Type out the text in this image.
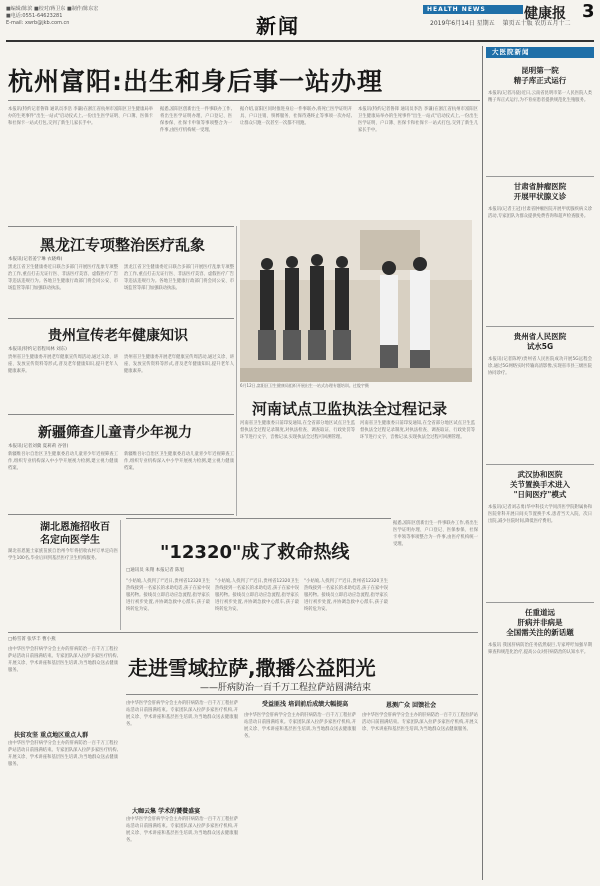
■编辑/陈滨 ■校对/蒋卫东 ■制作/陈东宏
■电话:0551-64623281
E-mail: xwrb@jkb.com.cn	新闻
HEALTH NEWS	健康报 3
2019年6月14日 星期五 第页五十版 农历五月十二
杭州富阳:出生和身后事一站办理
本报讯(特约记者鲁锋 通讯员李浩 李谦)在浙江省杭州市富阳区卫生健康局举办的生死事件"出生一站式"启动仪式上,一份出生医学证明、户口簿、医保卡和社保卡一站式打包,交到了新生儿家长手中。
据悉,富阳区创新出生一件事联办工作,将出生医学证明办理、户口登记、医保参保、社保卡申领等事项整合为一件事,由医疗机构统一受理。
据介绍,富阳区同时推进身后一件事联办,将死亡医学证明开具、户口注销、殡葬服务、社保待遇终止等事项一次办结,让群众只跑一次甚至一次都不用跑。
本报讯(特约记者鲁锋 通讯员李浩 李谦)在浙江省杭州市富阳区卫生健康局举办的生死事件"出生一站式"启动仪式上,一份出生医学证明、户口簿、医保卡和社保卡一站式打包,交到了新生儿家长手中。
6月12日,富阳区卫生健康局组织开展出生一站式办理专题培训。过俊宇摄
黑龙江专项整治医疗乱象
本报讯(记者姜宁琳 衣晓峰)
黑龙江省卫生健康委近日联合多部门开展医疗乱象专项整治工作,重点打击无证行医、非法医疗美容、虚假医疗广告等违法违规行为。各地卫生健康行政部门将会同公安、市场监管等部门加强联动执法。
黑龙江省卫生健康委近日联合多部门开展医疗乱象专项整治工作,重点打击无证行医、非法医疗美容、虚假医疗广告等违法违规行为。各地卫生健康行政部门将会同公安、市场监管等部门加强联动执法。
贵州宣传老年健康知识
本报讯(特约记者程凤林 刘东)
贵州省卫生健康委开展老年健康宣传周活动,通过义诊、讲座、发放宣传资料等形式,普及老年健康知识,提升老年人健康素养。
贵州省卫生健康委开展老年健康宣传周活动,通过义诊、讲座、发放宣传资料等形式,普及老年健康知识,提升老年人健康素养。
新疆筛查儿童青少年视力
本报讯(记者刘冀 夏莉莉 谷曾)
新疆维吾尔自治区卫生健康委启动儿童青少年近视筛查工作,组织专业机构深入中小学开展视力检测,建立视力健康档案。
新疆维吾尔自治区卫生健康委启动儿童青少年近视筛查工作,组织专业机构深入中小学开展视力检测,建立视力健康档案。
湖北恩施招收百名定向医学生
湖北省恩施土家族苗族自治州今年将招收农村订单定向医学生100名,毕业后回到基层医疗卫生机构服务。
河南试点卫监执法全过程记录
河南省卫生健康委日前印发通知,在全省部分地区试点卫生监督执法全过程记录制度,对执法检查、调查取证、行政处罚等环节进行文字、音像记录,实现执法全过程可回溯管理。
河南省卫生健康委日前印发通知,在全省部分地区试点卫生监督执法全过程记录制度,对执法检查、调查取证、行政处罚等环节进行文字、音像记录,实现执法全过程可回溯管理。
"12320"成了救命热线
□通讯员 朱翔 本报记者 陈旭
"小姑娘,人找到了!"近日,贵州省12320卫生热线接到一名家长的求助电话,孩子在家中误服药物。接线员立即启动应急流程,指导家长进行初步处置,并协调急救中心派车,孩子最终转危为安。
"小姑娘,人找到了!"近日,贵州省12320卫生热线接到一名家长的求助电话,孩子在家中误服药物。接线员立即启动应急流程,指导家长进行初步处置,并协调急救中心派车,孩子最终转危为安。
"小姑娘,人找到了!"近日,贵州省12320卫生热线接到一名家长的求助电话,孩子在家中误服药物。接线员立即启动应急流程,指导家长进行初步处置,并协调急救中心派车,孩子最终转危为安。
据悉,富阳区创新出生一件事联办工作,将出生医学证明办理、户口登记、医保参保、社保卡申领等事项整合为一件事,由医疗机构统一受理。
□杨雪菁 张华丰 曹小燕
由中华医学会肝病学分会主办的肝病防治一百千万工程拉萨站活动日前圆满结束。专家团队深入拉萨多家医疗机构,开展义诊、学术讲座和基层医生培训,为当地群众送去健康服务。	走进雪域拉萨,撒播公益阳光
——肝病防治一百千万工程拉萨站圆满结束
扶贫攻坚 重点地区重点人群
由中华医学会肝病学分会主办的肝病防治一百千万工程拉萨站活动日前圆满结束。专家团队深入拉萨多家医疗机构,开展义诊、学术讲座和基层医生培训,为当地群众送去健康服务。
由中华医学会肝病学分会主办的肝病防治一百千万工程拉萨站活动日前圆满结束。专家团队深入拉萨多家医疗机构,开展义诊、学术讲座和基层医生培训,为当地群众送去健康服务。
大咖云集 学术的饕餮盛宴
由中华医学会肝病学分会主办的肝病防治一百千万工程拉萨站活动日前圆满结束。专家团队深入拉萨多家医疗机构,开展义诊、学术讲座和基层医生培训,为当地群众送去健康服务。
受益匪浅 培训前后成绩大幅提高
由中华医学会肝病学分会主办的肝病防治一百千万工程拉萨站活动日前圆满结束。专家团队深入拉萨多家医疗机构,开展义诊、学术讲座和基层医生培训,为当地群众送去健康服务。
恩测广众 回馈社会
由中华医学会肝病学分会主办的肝病防治一百千万工程拉萨站活动日前圆满结束。专家团队深入拉萨多家医疗机构,开展义诊、学术讲座和基层医生培训,为当地群众送去健康服务。
大医院新闻
昆明第一院
精子库正式运行
本报讯(记者冯骁)近日,云南省昆明市第一人民医院人类精子库正式运行,为不育症患者提供规范化生殖服务。
甘肃省肿瘤医院
开展甲状腺义诊
本报讯(记者王冠)甘肃省肿瘤医院开展甲状腺疾病义诊活动,专家团队为群众提供免费咨询和超声检查服务。
贵州省人民医院
试水5G
本报讯(记者陈婷)贵州省人民医院成功开展5G远程会诊,通过5G网络实时传输高清影像,实现省市县三级医院协同诊疗。
武汉协和医院
关节置换手术进入
"日间医疗"模式
本报讯(记者刘志勇)华中科技大学同济医学院附属协和医院骨科开展日间关节置换手术,患者当天入院、次日出院,减少住院时间,降低医疗费用。
任重道远
肝病并非病是
全国需关注的新话题
本报讯 我国肝病防治任务依然艰巨,专家呼吁加强早期筛查和规范化治疗,提高公众对肝病防治的认知水平。
